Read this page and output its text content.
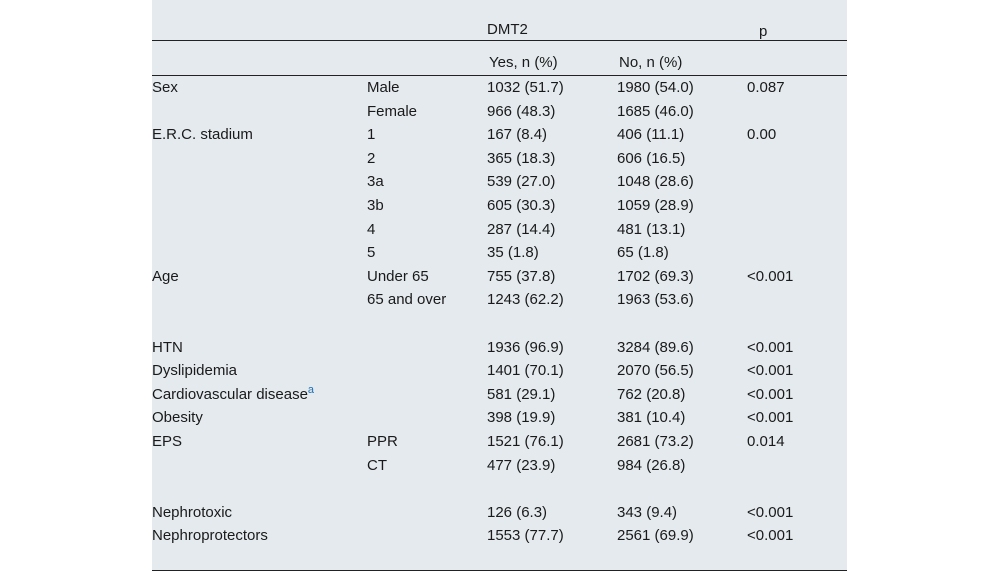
		DMT2		p
		Yes, n (%)	No, n (%)	

Sex	Male	1032 (51.7)	1980 (54.0)	0.087
	Female	966 (48.3)	1685 (46.0)	
E.R.C. stadium	1	167 (8.4)	406 (11.1)	0.00
	2	365 (18.3)	606 (16.5)	
	3a	539 (27.0)	1048 (28.6)	
	3b	605 (30.3)	1059 (28.9)	
	4	287 (14.4)	481 (13.1)	
	5	35 (1.8)	65 (1.8)	
Age	Under 65	755 (37.8)	1702 (69.3)	<0.001
	65 and over	1243 (62.2)	1963 (53.6)	

HTN		1936 (96.9)	3284 (89.6)	<0.001
Dyslipidemia		1401 (70.1)	2070 (56.5)	<0.001
Cardiovascular disease$^a$		581 (29.1)	762 (20.8)	<0.001
Obesity		398 (19.9)	381 (10.4)	<0.001
EPS	PPR	1521 (76.1)	2681 (73.2)	0.014
	CT	477 (23.9)	984 (26.8)	

Nephrotoxic		126 (6.3)	343 (9.4)	<0.001
Nephroprotectors		1553 (77.7)	2561 (69.9)	<0.001
